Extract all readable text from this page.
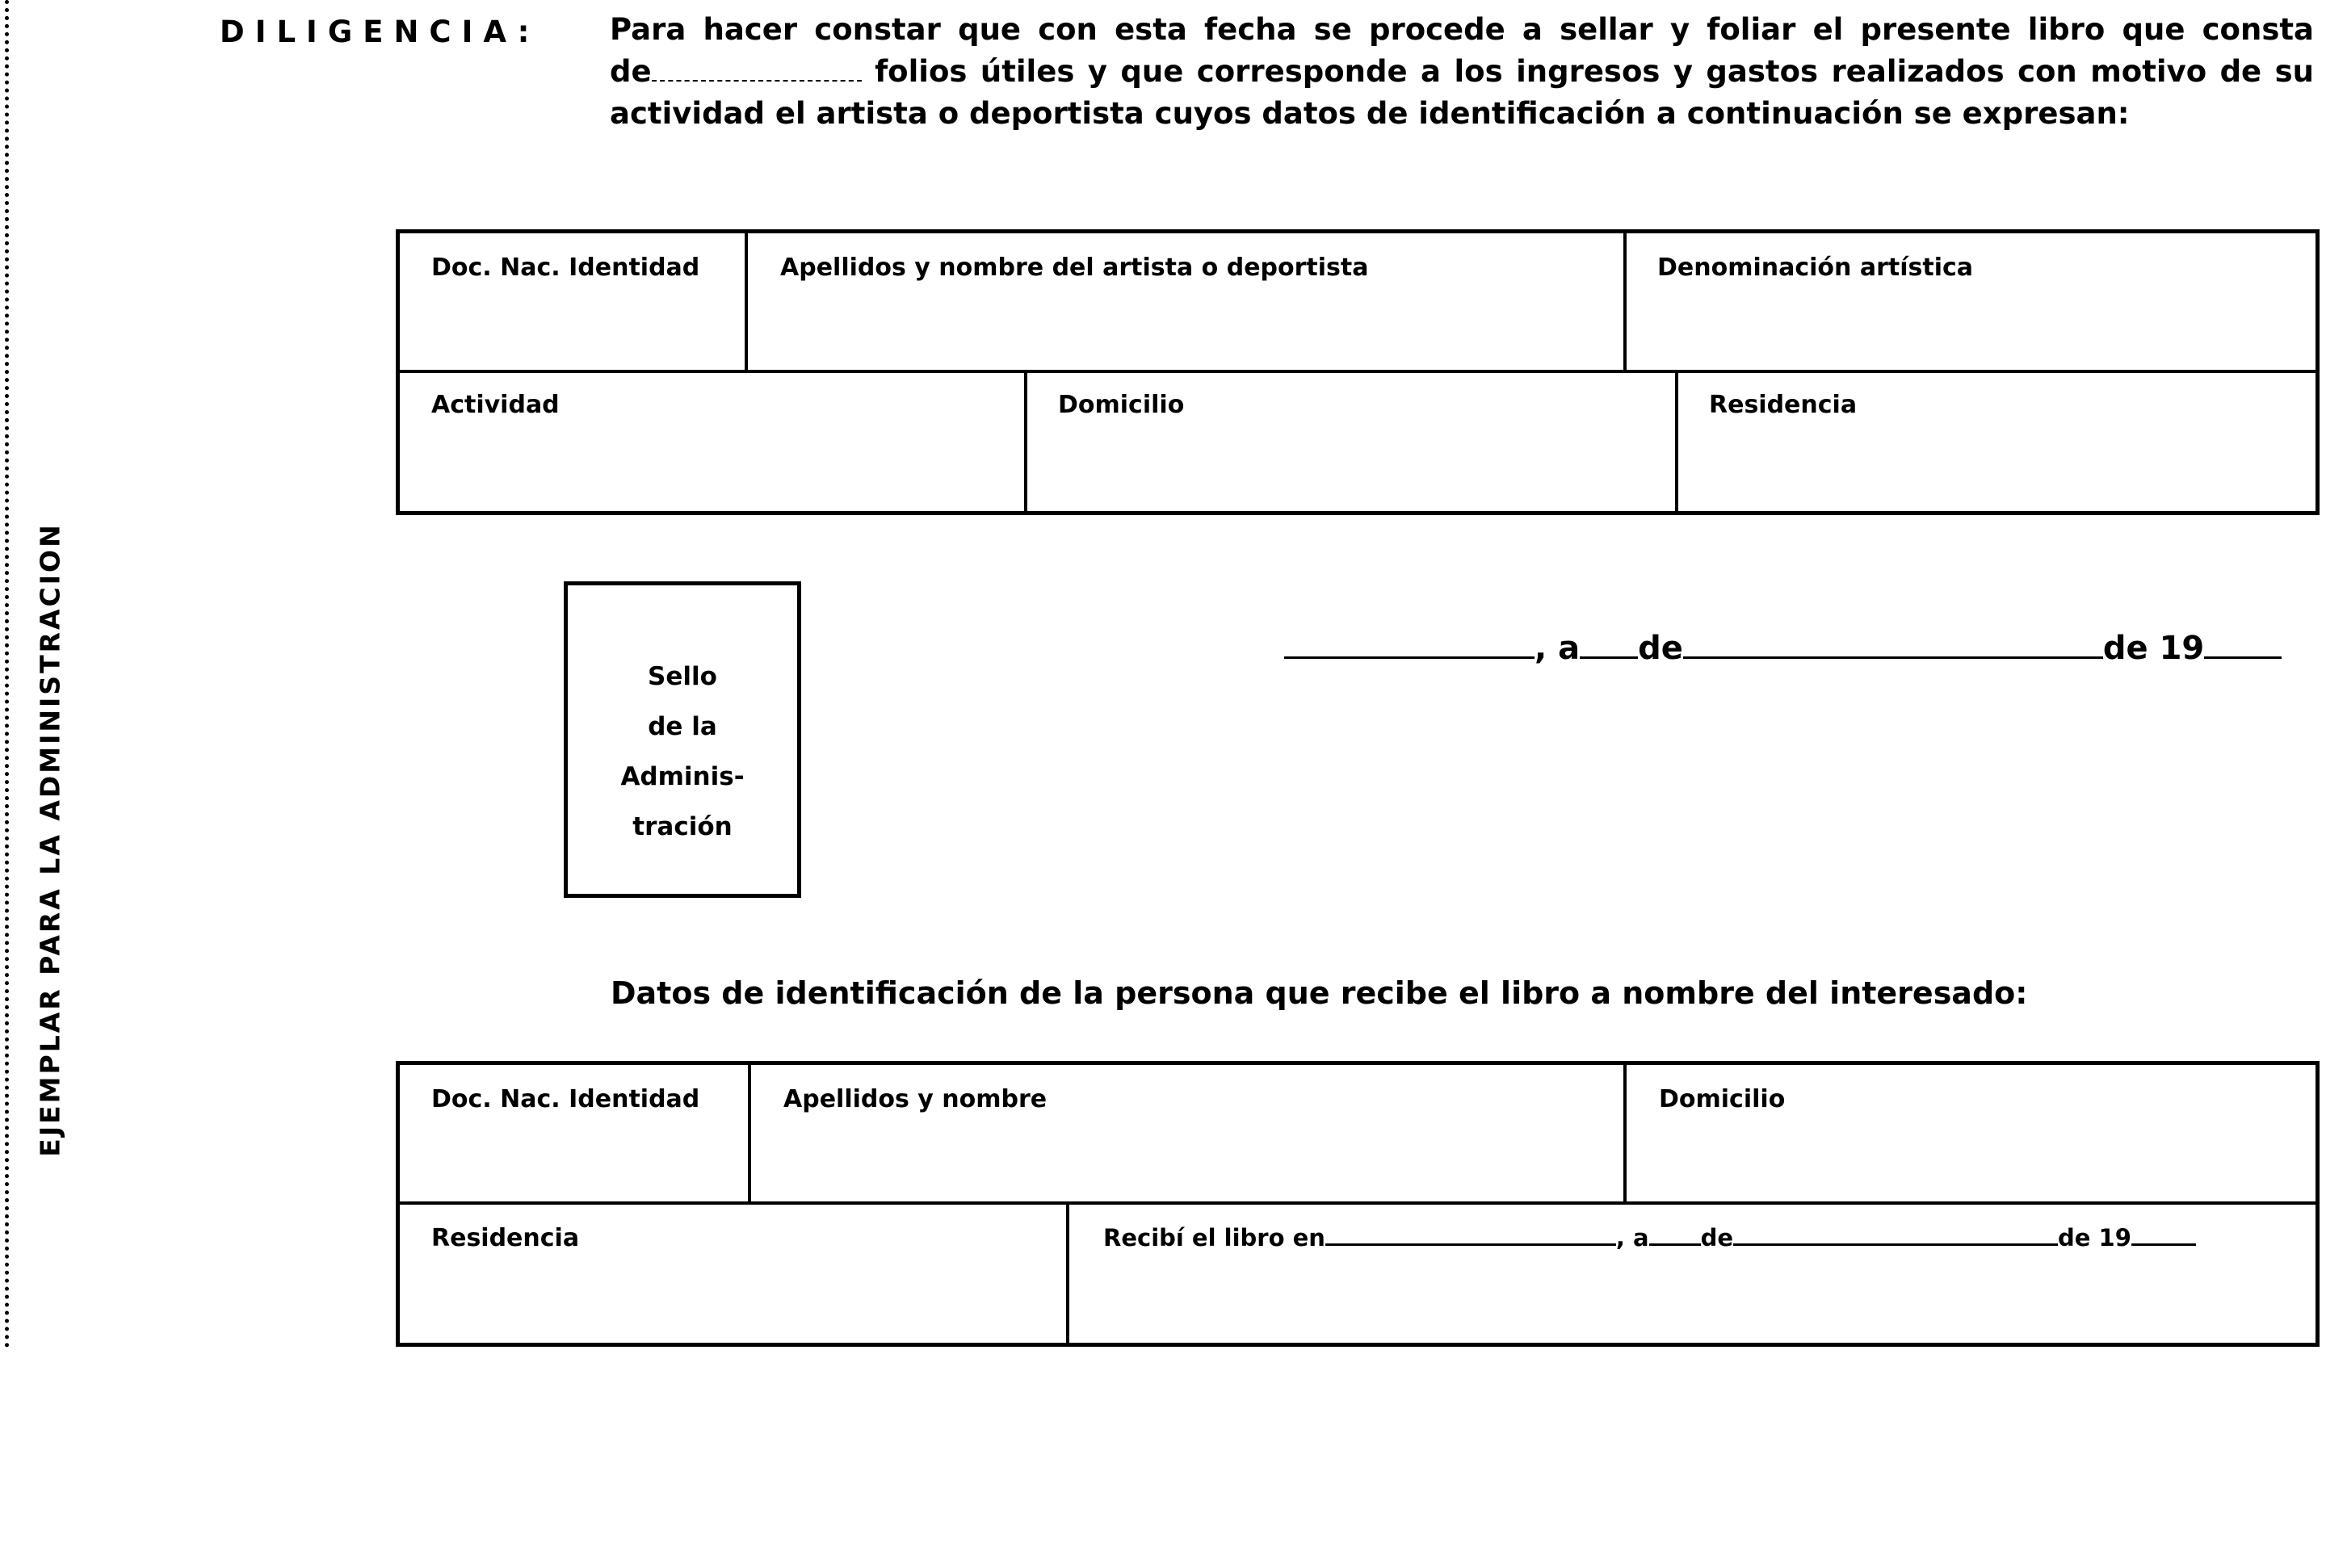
EJEMPLAR PARA LA ADMINISTRACION
DILIGENCIA: Para hacer constar que con esta fecha se procede a sellar y foliar el presente libro que consta
de	folios útiles y que corresponde a los ingresos y gastos realizados con motivo de su
actividad el artista o deportista cuyos datos de identificación a continuación se expresan:
Doc. Nac. Identidad	Apellidos y nombre del artista o deportista	Denominación artística
Actividad	Domicilio	Residencia
Sello
de la
Adminis-
tración
, a de	de 19
Datos de identificación de la persona que recibe el libro a nombre del interesado:
Doc. Nac. Identidad	Apellidos y nombre	Domicilio
Residencia	Recibí el libro en	, a de	de 19
